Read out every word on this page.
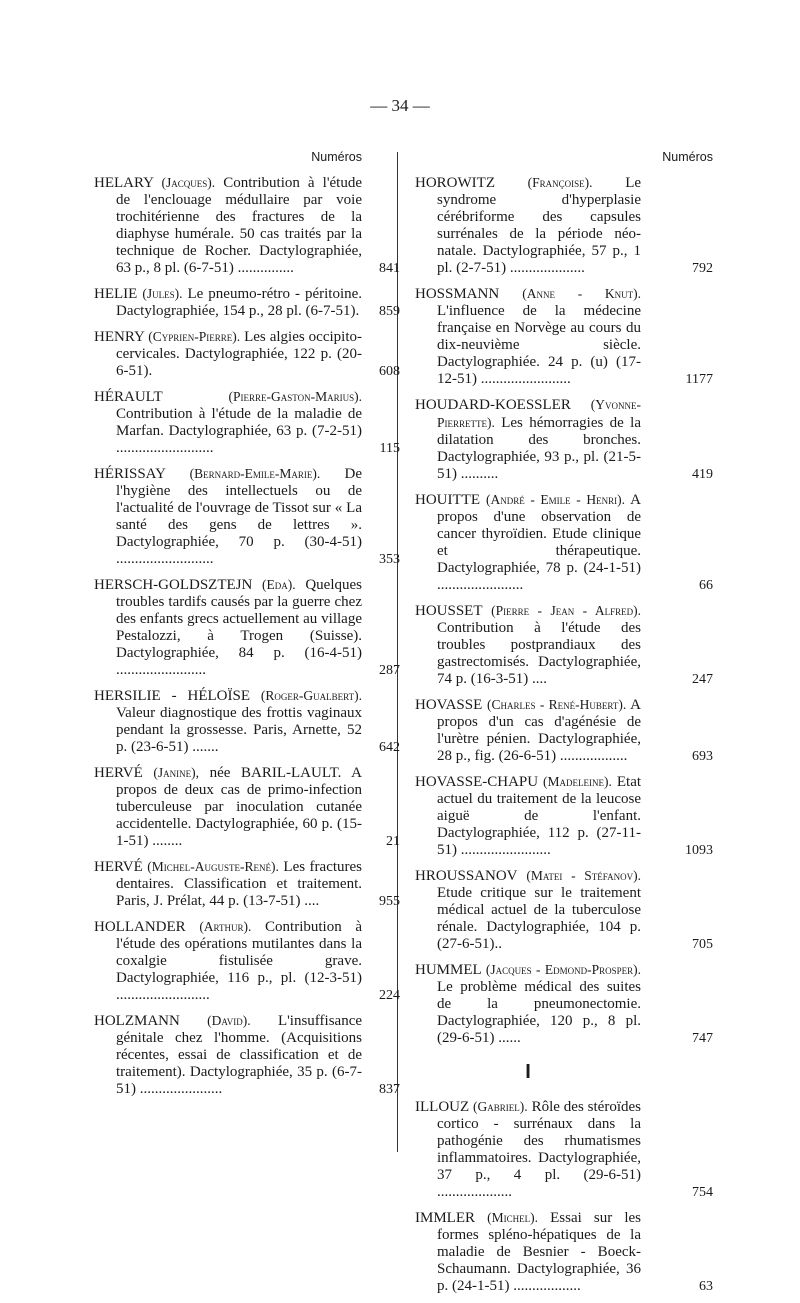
— 34 —
Numéros
HELARY (Jacques). Contribution à l'étude de l'enclouage médullaire par voie trochitérienne des fractures de la diaphyse humérale. 50 cas traités par la technique de Rocher. Dactylographiée, 63 p., 8 pl. (6-7-51) ...............	841
HELIE (Jules). Le pneumo-rétro - péritoine. Dactylographiée, 154 p., 28 pl. (6-7-51).	859
HENRY (Cyprien-Pierre). Les algies occipito-cervicales. Dactylographiée, 122 p. (20-6-51).	608
HÉRAULT	(Pierre-Gaston-Marius). Contribution à l'étude de la maladie de Marfan. Dactylographiée, 63 p. (7-2-51) ..........................	115
HÉRISSAY (Bernard-Emile-Marie). De l'hygiène des intellectuels ou de l'actualité de l'ouvrage de Tissot sur « La santé des gens de lettres ». Dactylographiée, 70 p. (30-4-51) ..........................	353
HERSCH-GOLDSZTEJN (Eda). Quelques troubles tardifs causés par la guerre chez des enfants grecs actuellement au village Pestalozzi, à Trogen (Suisse). Dactylographiée, 84 p. (16-4-51) ........................	287
HERSILIE - HÉLOÏSE (Roger-Gualbert). Valeur diagnostique des frottis vaginaux pendant la grossesse. Paris, Arnette, 52 p. (23-6-51) .......	642
HERVÉ (Janine), née BARIL-LAULT. A propos de deux cas de primo-infection tuberculeuse par inoculation cutanée accidentelle. Dactylographiée, 60 p. (15-1-51) ........	21
HERVÉ (Michel-Auguste-René). Les fractures dentaires. Classification et traitement. Paris, J. Prélat, 44 p. (13-7-51) ....	955
HOLLANDER (Arthur). Contribution à l'étude des opérations mutilantes dans la coxalgie fistulisée grave. Dactylographiée, 116 p., pl. (12-3-51) .........................	224
HOLZMANN (David). L'insuffisance génitale chez l'homme. (Acquisitions récentes, essai de classification et de traitement). Dactylographiée, 35 p. (6-7-51) ......................	837
Numéros
HOROWITZ (Françoise). Le syndrome d'hyperplasie cérébriforme des capsules surrénales de la période néo-natale. Dactylographiée, 57 p., 1 pl. (2-7-51) ....................	792
HOSSMANN (Anne - Knut). L'influence de la médecine française en Norvège au cours du dix-neuvième siècle. Dactylographiée. 24 p. (u) (17-12-51) ........................	1177
HOUDARD-KOESSLER (Yvonne-Pierrette). Les hémorragies de la dilatation des bronches. Dactylographiée, 93 p., pl. (21-5-51) ..........	419
HOUITTE (André - Emile - Henri). A propos d'une observation de cancer thyroïdien. Etude clinique et thérapeutique. Dactylographiée, 78 p. (24-1-51) .......................	66
HOUSSET (Pierre - Jean - Alfred). Contribution à l'étude des troubles postprandiaux des gastrectomisés. Dactylographiée, 74 p. (16-3-51) ....	247
HOVASSE (Charles - René-Hubert). A propos d'un cas d'agénésie de l'urètre pénien. Dactylographiée, 28 p., fig. (26-6-51) ..................	693
HOVASSE-CHAPU (Madeleine). Etat actuel du traitement de la leucose aiguë de l'enfant. Dactylographiée, 112 p. (27-11-51) ........................	1093
HROUSSANOV (Matei - Stéfanov). Etude critique sur le traitement médical actuel de la tuberculose rénale. Dactylographiée, 104 p. (27-6-51)..	705
HUMMEL (Jacques - Edmond-Prosper). Le problème médical des suites de la pneumonectomie. Dactylographiée, 120 p., 8 pl. (29-6-51) ......	747
I
ILLOUZ (Gabriel). Rôle des stéroïdes cortico - surrénaux dans la pathogénie des rhumatismes inflammatoires. Dactylographiée, 37 p., 4 pl. (29-6-51) ....................	754
IMMLER (Michel). Essai sur les formes spléno-hépatiques de la maladie de Besnier - Boeck-Schaumann. Dactylographiée, 36 p. (24-1-51) ..................	63
